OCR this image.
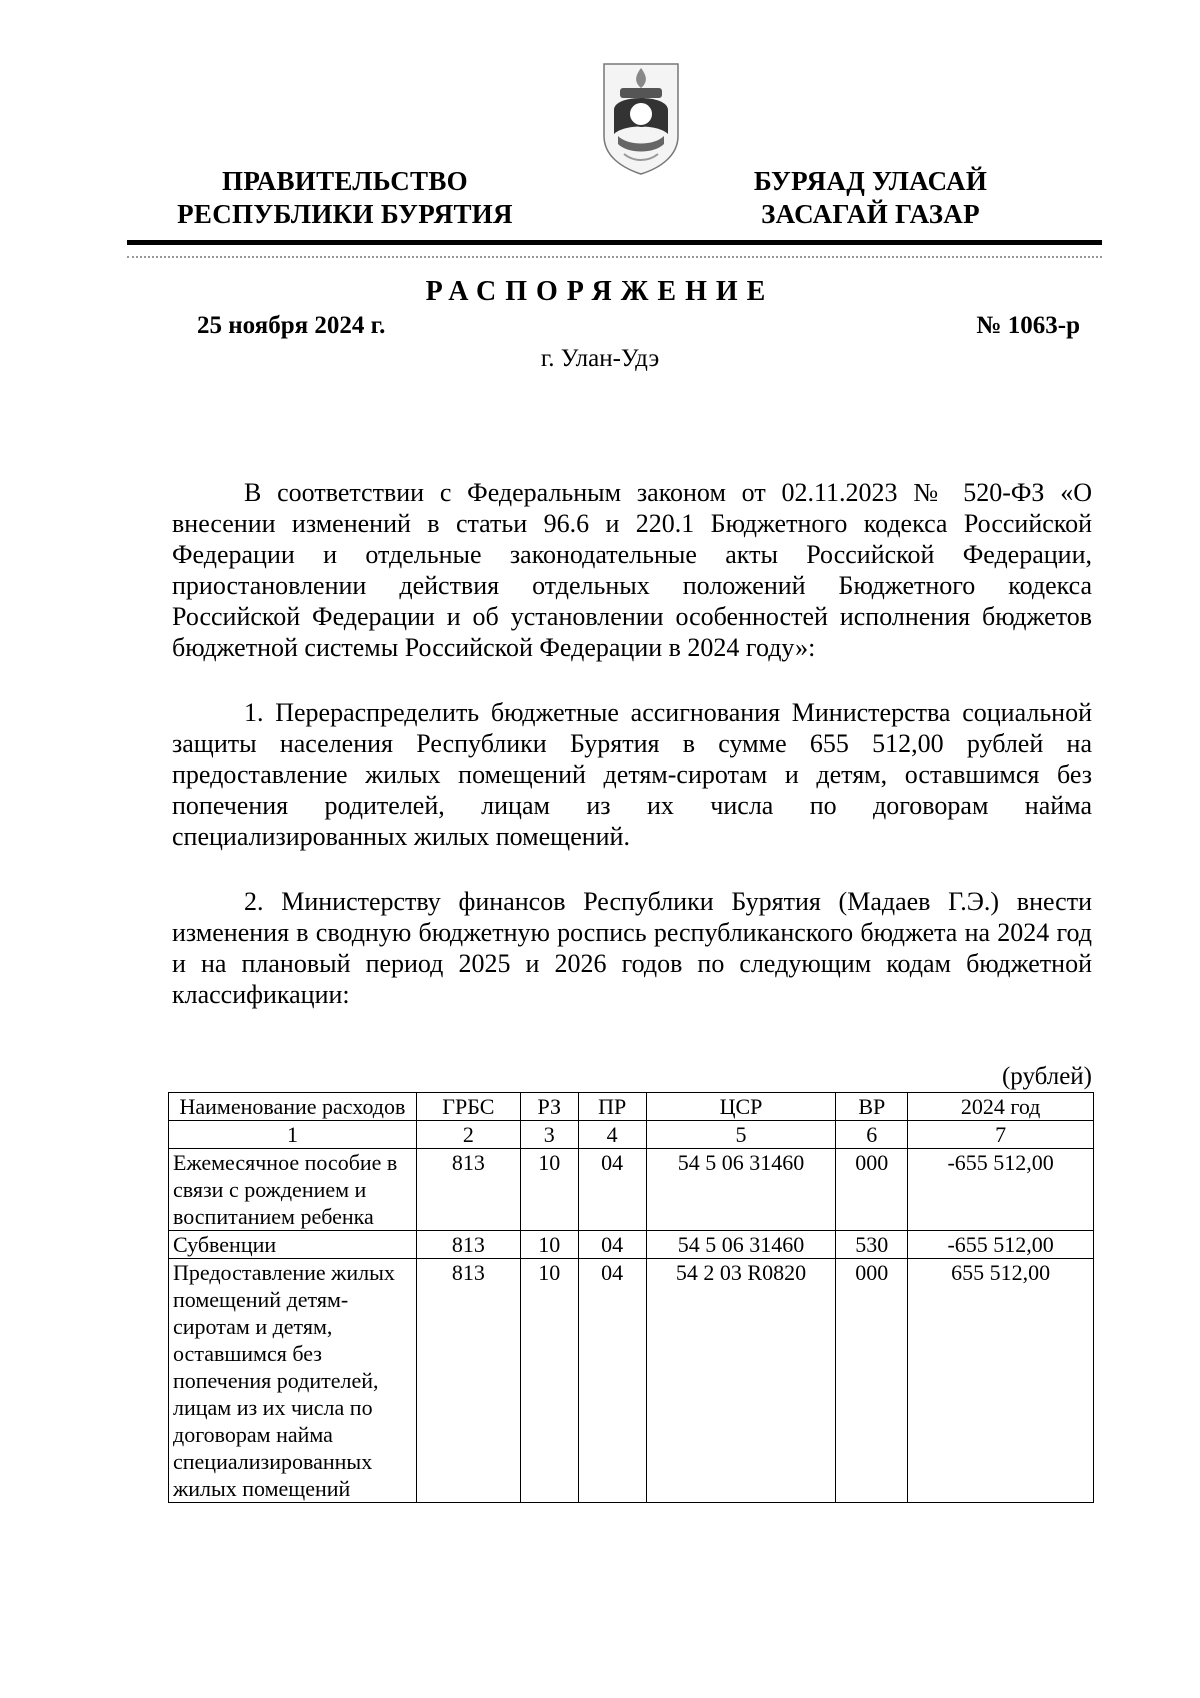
ПРАВИТЕЛЬСТВО
РЕСПУБЛИКИ БУРЯТИЯ
БУРЯАД УЛАСАЙ
ЗАСАГАЙ ГАЗАР
РАСПОРЯЖЕНИЕ
25 ноября 2024 г.	№ 1063-р
г. Улан-Удэ

В соответствии с Федеральным законом от 02.11.2023 № 520-ФЗ «О внесении изменений в статьи 96.6 и 220.1 Бюджетного кодекса Российской Федерации и отдельные законодательные акты Российской Федерации, приостановлении действия отдельных положений Бюджетного кодекса Российской Федерации и об установлении особенностей исполнения бюджетов бюджетной системы Российской Федерации в 2024 году»:

1. Перераспределить бюджетные ассигнования Министерства социальной защиты населения Республики Бурятия в сумме 655 512,00 рублей на предоставление жилых помещений детям-сиротам и детям, оставшимся без попечения родителей, лицам из их числа по договорам найма специализированных жилых помещений.

2. Министерству финансов Республики Бурятия (Мадаев Г.Э.) внести изменения в сводную бюджетную роспись республиканского бюджета на 2024 год и на плановый период 2025 и 2026 годов по следующим кодам бюджетной классификации:

(рублей)
Наименование расходов	ГРБС	РЗ	ПР	ЦСР	ВР	2024 год
1	2	3	4	5	6	7
Ежемесячное пособие в связи с рождением и воспитанием ребенка	813	10	04	54 5 06 31460	000	-655 512,00
Субвенции	813	10	04	54 5 06 31460	530	-655 512,00
Предоставление жилых помещений детям-сиротам и детям, оставшимся без попечения родителей, лицам из их числа по договорам найма специализированных жилых помещений	813	10	04	54 2 03 R0820	000	655 512,00
